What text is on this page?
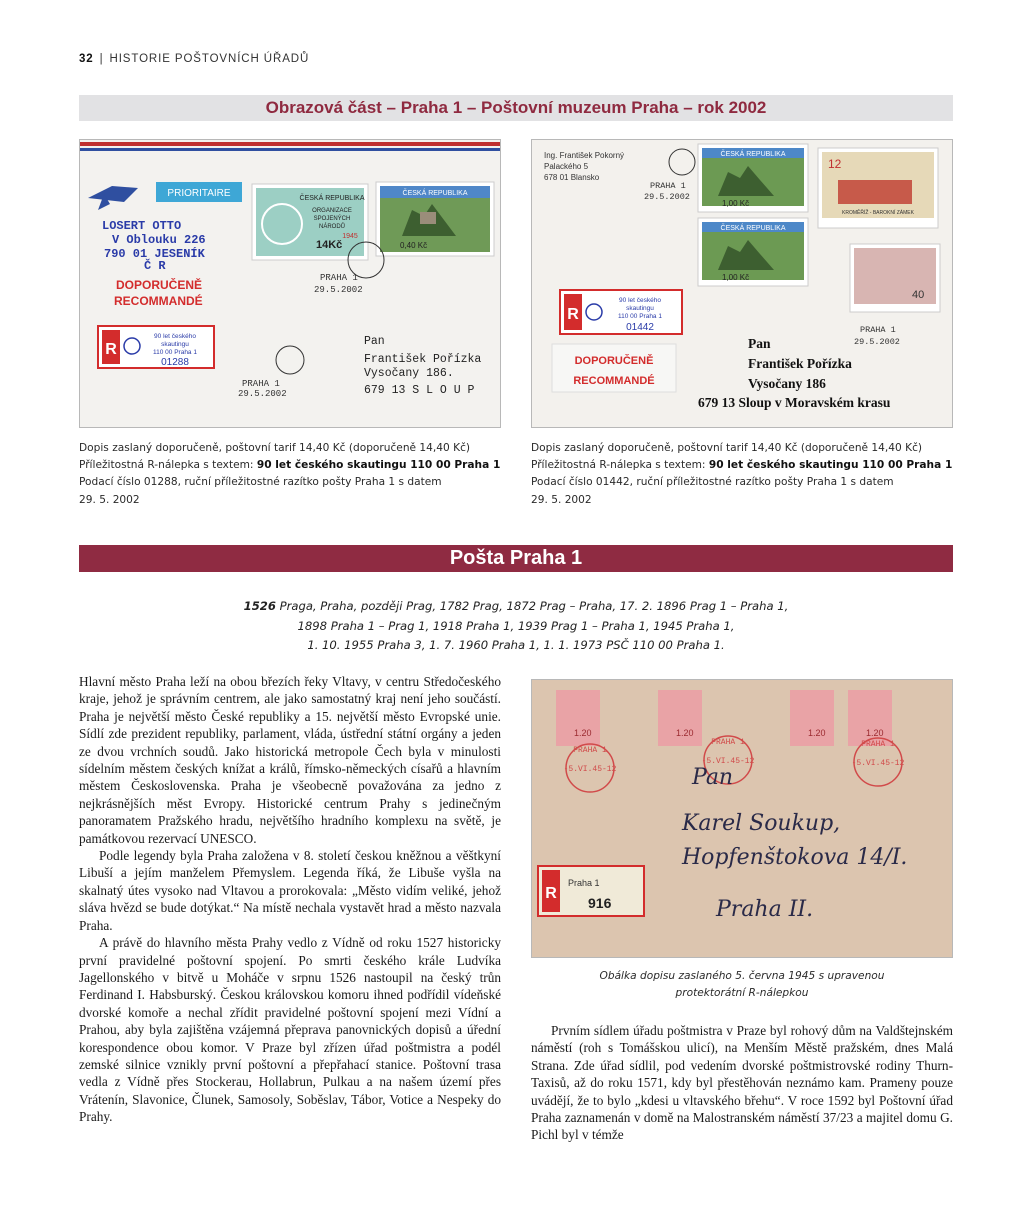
32 | HISTORIE POŠTOVNÍCH ÚŘADŮ
Obrazová část – Praha 1 – Poštovní muzeum Praha – rok 2002
PRIORITAIRE
LOSERT OTTO
V Oblouku 226
790 01 JESENÍK
Č R
DOPORUČENĚ
RECOMMANDÉ
ČESKÁ REPUBLIKA
ORGANIZACE
SPOJENÝCH
NÁRODŮ
1945
14Kč
ČESKÁ REPUBLIKA
0,40 Kč
PRAHA 1
29.5.2002
R
90 let českého
skautingu
110 00 Praha 1
01288
PRAHA 1
29.5.2002
Pan
František Pořízka
Vysočany 186.
679 13 S L O U P
Ing. František Pokorný
Palackého 5
678 01 Blansko
ČESKÁ REPUBLIKA
1,00 Kč
ČESKÁ REPUBLIKA
1,00 Kč
12
KROMĚŘÍŽ - BAROKNÍ ZÁMEK
40
PRAHA 1
29.5.2002
PRAHA 1
29.5.2002
R
90 let českého
skautingu
110 00 Praha 1
01442
DOPORUČENĚ
RECOMMANDÉ
Pan
František Pořízka
Vysočany 186
679 13 Sloup v Moravském krasu
Dopis zaslaný doporučeně, poštovní tarif 14,40 Kč (doporučeně 14,40 Kč)
Příležitostná R-nálepka s textem: 90 let českého skautingu 110 00 Praha 1
Podací číslo 01288, ruční příležitostné razítko pošty Praha 1 s datem
29. 5. 2002
Dopis zaslaný doporučeně, poštovní tarif 14,40 Kč (doporučeně 14,40 Kč)
Příležitostná R-nálepka s textem: 90 let českého skautingu 110 00 Praha 1
Podací číslo 01442, ruční příležitostné razítko pošty Praha 1 s datem
29. 5. 2002
Pošta Praha 1
1526 Praga, Praha, později Prag, 1782 Prag, 1872 Prag – Praha, 17. 2. 1896 Prag 1 – Praha 1,
1898 Praha 1 – Prag 1, 1918 Praha 1, 1939 Prag 1 – Praha 1, 1945 Praha 1,
1. 10. 1955 Praha 3, 1. 7. 1960 Praha 1, 1. 1. 1973 PSČ 110 00 Praha 1.

Hlavní město Praha leží na obou březích řeky Vltavy, v centru Středočeského kraje, jehož je správním centrem, ale jako samostatný kraj není jeho součástí. Praha je největší město České republiky a 15. největší město Evropské unie. Sídlí zde prezident republiky, parlament, vláda, ústřední státní orgány a jeden ze dvou vrchních soudů. Jako historická metropole Čech byla v minulosti sídelním městem českých knížat a králů, římsko-německých císařů a hlavním městem Československa. Praha je všeobecně považována za jedno z nejkrásnějších měst Evropy. Historické centrum Prahy s jedinečným panoramatem Pražského hradu, největšího hradního komplexu na světě, je památkovou rezervací UNESCO.

Podle legendy byla Praha založena v 8. století českou kněžnou a věštkyní Libuší a jejím manželem Přemyslem. Legenda říká, že Libuše vyšla na skalnatý útes vysoko nad Vltavou a prorokovala: „Město vidím veliké, jehož sláva hvězd se bude dotýkat.“ Na místě nechala vystavět hrad a město nazvala Praha.

A právě do hlavního města Prahy vedlo z Vídně od roku 1527 historicky první pravidelné poštovní spojení. Po smrti českého krále Ludvíka Jagellonského v bitvě u Moháče v srpnu 1526 nastoupil na český trůn Ferdinand I. Habsburský. Českou královskou komoru ihned podřídil vídeňské dvorské komoře a nechal zřídit pravidelné poštovní spojení mezi Vídní a Prahou, aby byla zajištěna vzájemná přeprava panovnických dopisů a úřední korespondence obou komor. V Praze byl zřízen úřad poštmistra a podél zemské silnice vznikly první poštovní a přepřahací stanice. Poštovní trasa vedla z Vídně přes Stockerau, Hollabrun, Pulkau a na našem území přes Vrátenín, Slavonice, Člunek, Samosoly, Soběslav, Tábor, Votice a Nespeky do Prahy.

1.20	1.20	1.20	1.20
PRAHA 1
-5.VI.45-12
PRAHA 1
-5.VI.45-12
PRAHA 1
-5.VI.45-12
Pan
Karel Soukup,
Hopfenštokova 14/I.
Praha II.
R
Praha 1
916
Obálka dopisu zaslaného 5. června 1945 s upravenou
protektorátní R-nálepkou

Prvním sídlem úřadu poštmistra v Praze byl rohový dům na Valdštejnském náměstí (roh s Tomášskou ulicí), na Menším Městě pražském, dnes Malá Strana. Zde úřad sídlil, pod vedením dvorské poštmistrovské rodiny Thurn-Taxisů, až do roku 1571, kdy byl přestěhován neznámo kam. Prameny pouze uvádějí, že to bylo „kdesi u vltavského břehu“. V roce 1592 byl Poštovní úřad Praha zaznamenán v domě na Malostranském náměstí 37/23 a majitel domu G. Pichl byl v témže
